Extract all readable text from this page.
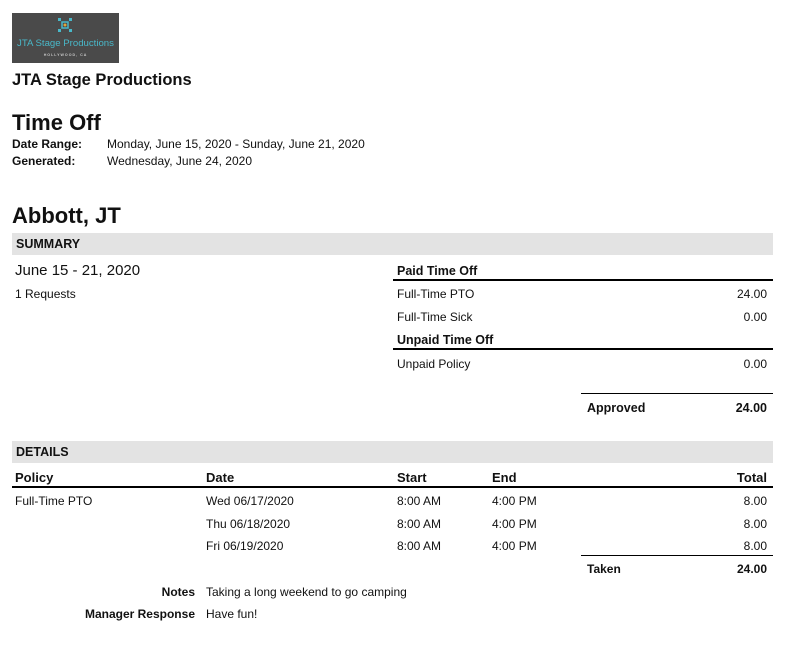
JTA Stage Productions
HOLLYWOOD, CA
JTA Stage Productions
Time Off
Date Range: Monday, June 15, 2020 - Sunday, June 21, 2020
Generated:	Wednesday, June 24, 2020
Abbott, JT
SUMMARY
June 15 - 21, 2020
1 Requests
Paid Time Off
Full-Time PTO	24.00
Full-Time Sick	0.00
Unpaid Time Off
Unpaid Policy	0.00
Approved	24.00
DETAILS
Policy	Date	Start	End	Total
Full-Time PTO	Wed 06/17/2020	8:00 AM	4:00 PM	8.00
Thu 06/18/2020	8:00 AM	4:00 PM	8.00
Fri 06/19/2020	8:00 AM	4:00 PM	8.00
Taken	24.00
Notes Taking a long weekend to go camping
Manager Response Have fun!
